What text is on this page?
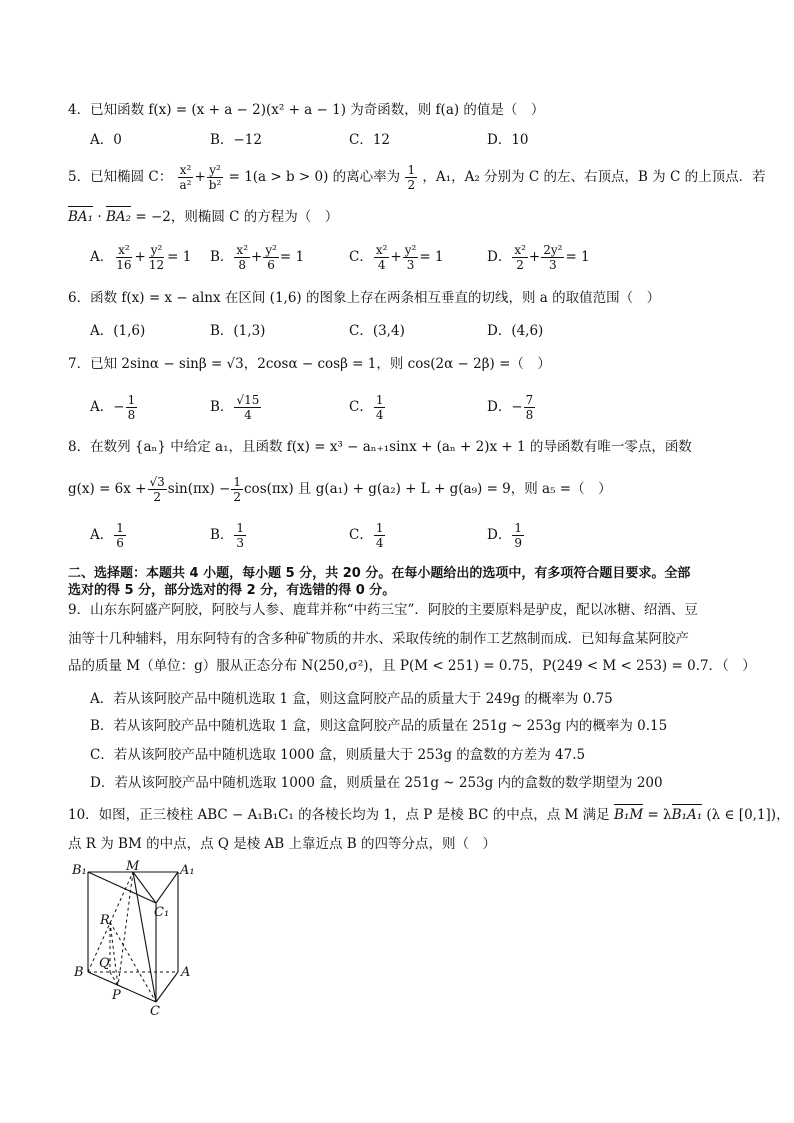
4．已知函数 f(x) = (x + a − 2)(x² + a − 1) 为奇函数，则 f(a) 的值是（　）
A．0	B．−12	C．12	D．10
5．已知椭圆 C： $\frac{\text{x²}}{\text{a²}} + \frac{\text{y²}}{\text{b²}} = 1(a > b > 0)$ 的离心率为 $\frac{1}{2}$ ，A₁，A₂ 分别为 C 的左、右顶点，B 为 C 的上顶点．若
BA₁ · BA₂ = −2，则椭圆 C 的方程为（　）
A． $\frac{\text{x²}}{16} + \frac{\text{y²}}{12} = 1$ B． $\frac{\text{x²}}{8} + \frac{\text{y²}}{6} = 1$	C． $\frac{\text{x²}}{4} + \frac{\text{y²}}{3} = 1$	D． $\frac{\text{x²}}{2} + \frac{\text{2y²}}{3} = 1$
6．函数 f(x) = x − alnx 在区间 (1,6) 的图象上存在两条相互垂直的切线，则 a 的取值范围（　）
A．(1,6)	B．(1,3)	C．(3,4)	D．(4,6)
7．已知 2sinα − sinβ = √3，2cosα − cosβ = 1，则 cos(2α − 2β) =（　）
A．− $\frac{1}{8}$	B． $\frac{√15}{4}$	C． $\frac{1}{4}$	D．− $\frac{7}{8}$
8．在数列 {aₙ} 中给定 a₁，且函数 f(x) = x³ − aₙ₊₁sinx + (aₙ + 2)x + 1 的导函数有唯一零点，函数
$g(x) = 6x + \frac{√3}{2} \sin(\pi x) - \frac{1}{2} \cos(\pi x)$ 且 g(a₁) + g(a₂) + L + g(a₉) = 9，则 a₅ =（　）
A． $\frac{1}{6}$	B． $\frac{1}{3}$	C． $\frac{1}{4}$	D． $\frac{1}{9}$
二、选择题：本题共 4 小题，每小题 5 分，共 20 分。在每小题给出的选项中，有多项符合题目要求。全部
选对的得 5 分，部分选对的得 2 分，有选错的得 0 分。
9．山东东阿盛产阿胶，阿胶与人参、鹿茸并称“中药三宝”．阿胶的主要原料是驴皮，配以冰糖、绍酒、豆
油等十几种辅料，用东阿特有的含多种矿物质的井水、采取传统的制作工艺熬制而成．已知每盒某阿胶产
品的质量 M（单位：g）服从正态分布 N(250,σ²)，且 P(M < 251) = 0.75，P(249 < M < 253) = 0.7．（　）
A．若从该阿胶产品中随机选取 1 盒，则这盒阿胶产品的质量大于 249g 的概率为 0.75
B．若从该阿胶产品中随机选取 1 盒，则这盒阿胶产品的质量在 251g ~ 253g 内的概率为 0.15
C．若从该阿胶产品中随机选取 1000 盒，则质量大于 253g 的盒数的方差为 47.5
D．若从该阿胶产品中随机选取 1000 盒，则质量在 251g ~ 253g 内的盒数的数学期望为 200
10．如图，正三棱柱 ABC − A₁B₁C₁ 的各棱长均为 1，点 P 是棱 BC 的中点，点 M 满足 B₁M = λB₁A₁ (λ ∈ [0,1])，
点 R 为 BM 的中点，点 Q 是棱 AB 上靠近点 B 的四等分点，则（　）
B₁	M	A₁
C₁
R
Q
B	A
P
C
